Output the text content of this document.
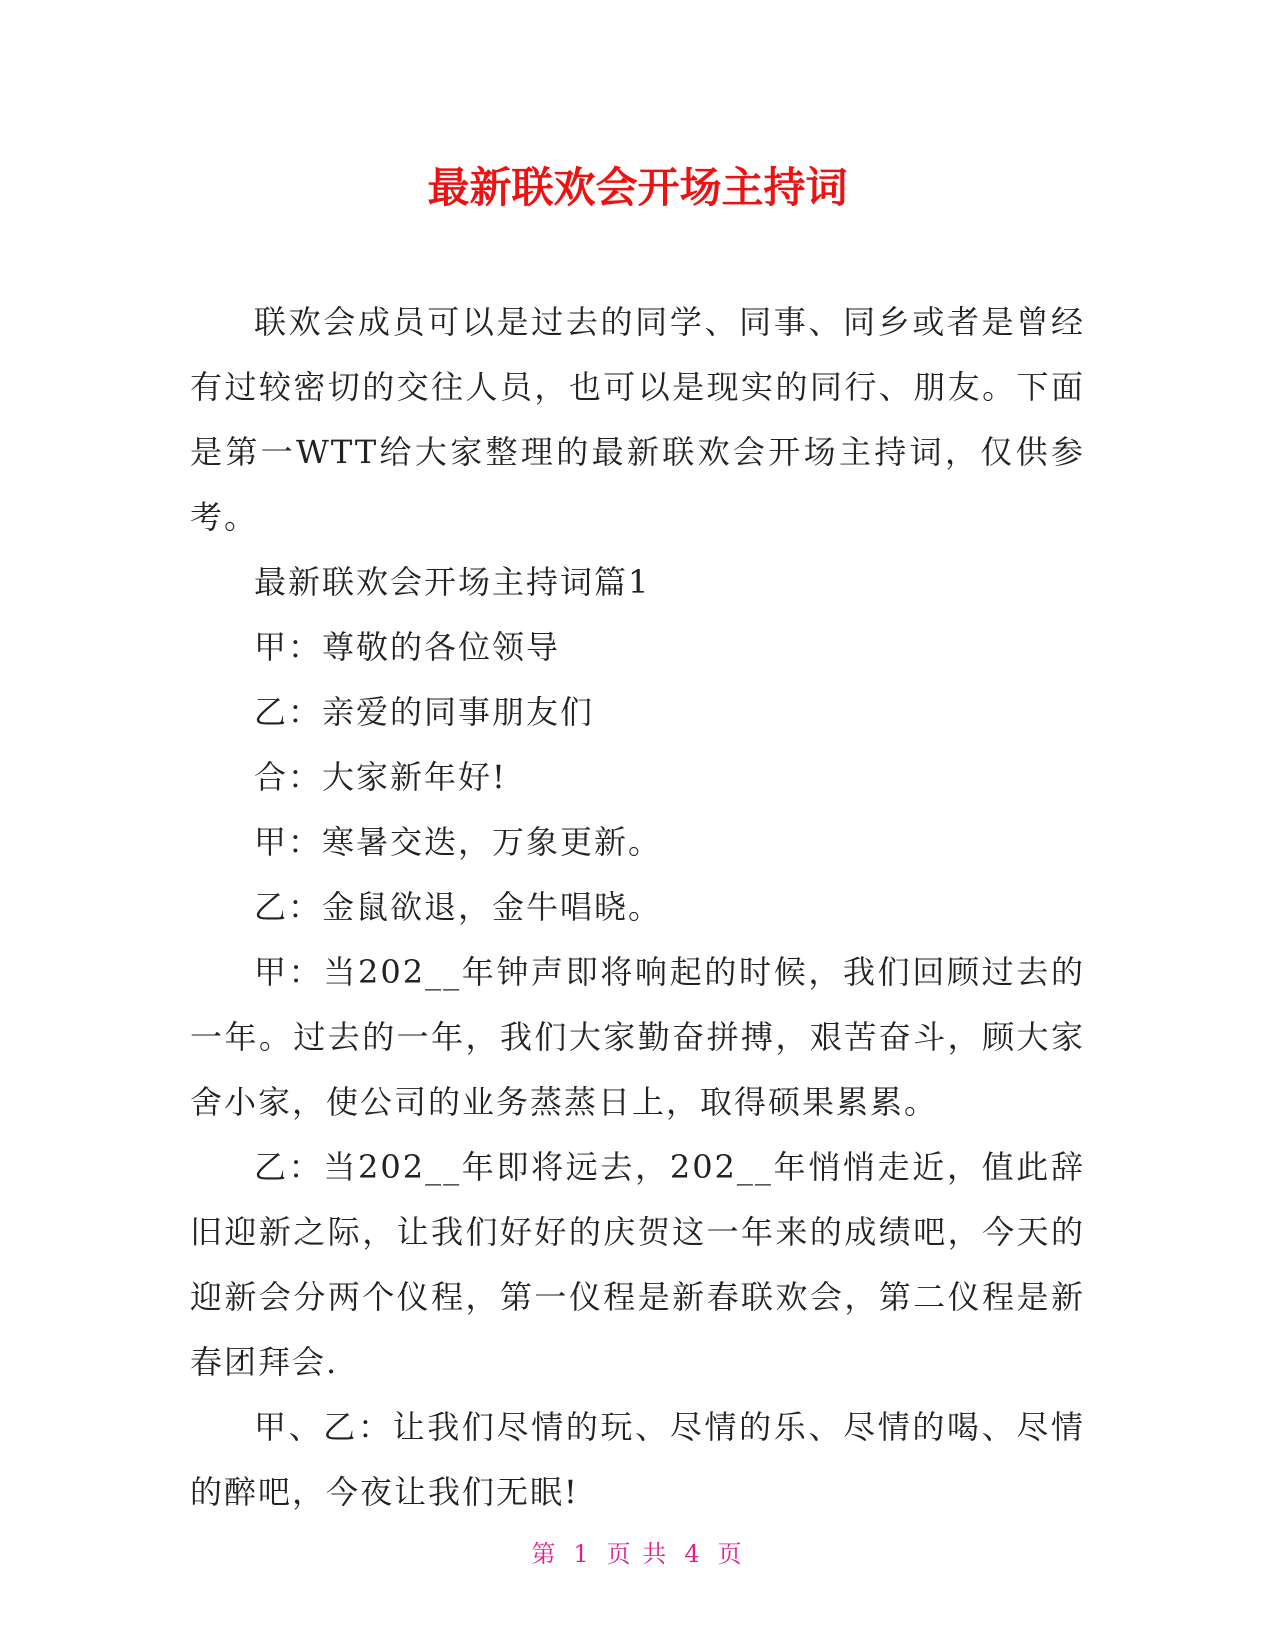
最新联欢会开场主持词

联欢会成员可以是过去的同学、同事、同乡或者是曾经有过较密切的交往人员，也可以是现实的同行、朋友。下面是第一WTT给大家整理的最新联欢会开场主持词，仅供参考。

最新联欢会开场主持词篇1

甲：尊敬的各位领导

乙：亲爱的同事朋友们

合：大家新年好!

甲：寒暑交迭，万象更新。

乙：金鼠欲退，金牛唱晓。

甲：当202__年钟声即将响起的时候，我们回顾过去的一年。过去的一年，我们大家勤奋拼搏，艰苦奋斗，顾大家舍小家，使公司的业务蒸蒸日上，取得硕果累累。

乙：当202__年即将远去，202__年悄悄走近，值此辞旧迎新之际，让我们好好的庆贺这一年来的成绩吧，今天的迎新会分两个仪程，第一仪程是新春联欢会，第二仪程是新春团拜会.

甲、乙：让我们尽情的玩、尽情的乐、尽情的喝、尽情的醉吧，今夜让我们无眠!

第 1 页 共 4 页
